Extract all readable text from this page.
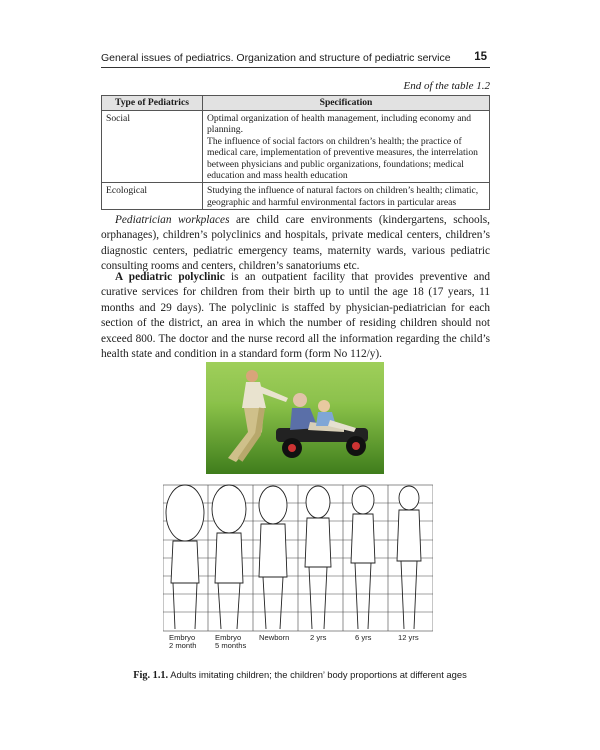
General issues of pediatrics. Organization and structure of pediatric service 15
End of the table 1.2
Type of Pediatrics	Specification
Social	Optimal organization of health management, including economy and planning.
The influence of social factors on children’s health; the practice of medical care, implementation of preventive measures, the interrelation between physicians and public organizations, foundations; medical education and mass health education

Ecological	Studying the influence of natural factors on children’s health; climatic, geographic and harmful environmental factors in particular areas
Pediatrician workplaces are child care environments (kindergartens, schools, orphanages), children’s polyclinics and hospitals, private medical centers, children’s diagnostic centers, pediatric emergency teams, maternity wards, various pediatric consulting rooms and centers, children’s sanatoriums etc.
A pediatric polyclinic is an outpatient facility that provides preventive and curative services for children from their birth up to until the age 18 (17 years, 11 months and 29 days). The polyclinic is staffed by physician-pediatrician for each section of the district, an area in which the number of residing children should not exceed 800. The doctor and the nurse record all the information regarding the child’s health state and condition in a standard form (form No 112/y).
Embryo
2 month
Embryo
5 months
Newborn	2 yrs	6 yrs	12 yrs
Fig. 1.1. Adults imitating children; the children’ body proportions at different ages
